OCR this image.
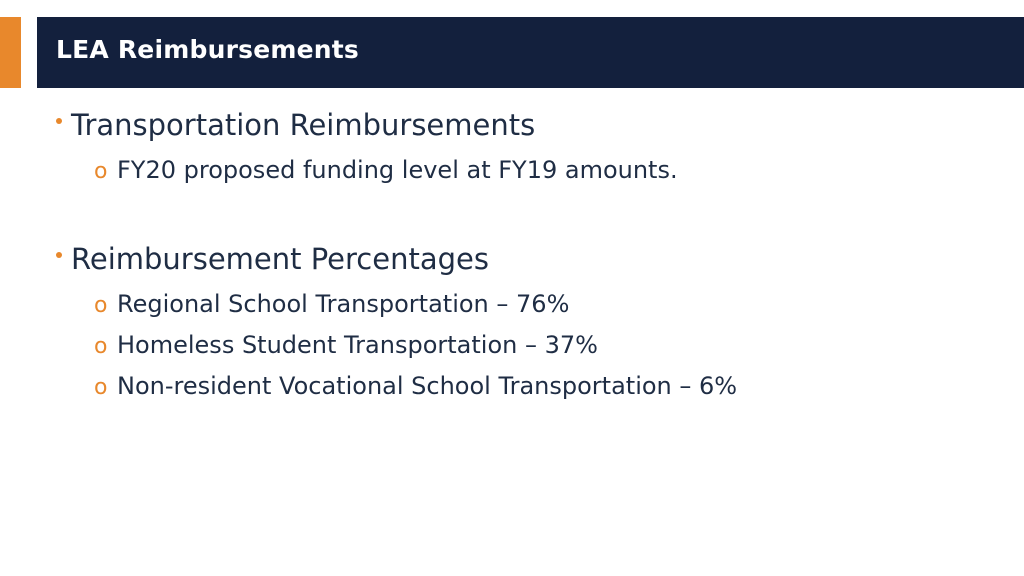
LEA Reimbursements
Transportation Reimbursements
o FY20 proposed funding level at FY19 amounts.
Reimbursement Percentages
o Regional School Transportation – 76%
o Homeless Student Transportation – 37%
o Non-resident Vocational School Transportation – 6%
